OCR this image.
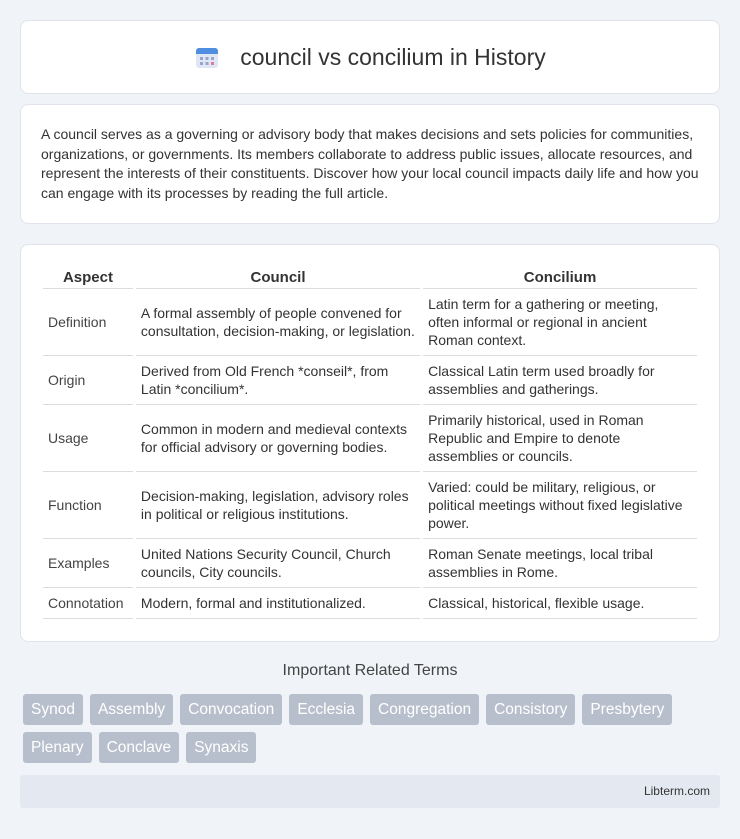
council vs concilium in History

A council serves as a governing or advisory body that makes decisions and sets policies for communities, organizations, or governments. Its members collaborate to address public issues, allocate resources, and represent the interests of their constituents. Discover how your local council impacts daily life and how you can engage with its processes by reading the full article.

Aspect	Council	Concilium
Definition	A formal assembly of people convened for consultation, decision-making, or legislation.	Latin term for a gathering or meeting, often informal or regional in ancient Roman context.
Origin	Derived from Old French *conseil*, from Latin *concilium*.	Classical Latin term used broadly for assemblies and gatherings.
Usage	Common in modern and medieval contexts for official advisory or governing bodies.	Primarily historical, used in Roman Republic and Empire to denote assemblies or councils.
Function	Decision-making, legislation, advisory roles in political or religious institutions.	Varied: could be military, religious, or political meetings without fixed legislative power.
Examples	United Nations Security Council, Church councils, City councils.	Roman Senate meetings, local tribal assemblies in Rome.
Connotation	Modern, formal and institutionalized.	Classical, historical, flexible usage.
Important Related Terms
Synod	Assembly	Convocation	Ecclesia	Congregation	Consistory	Presbytery
Plenary	Conclave	Synaxis
Libterm.com
